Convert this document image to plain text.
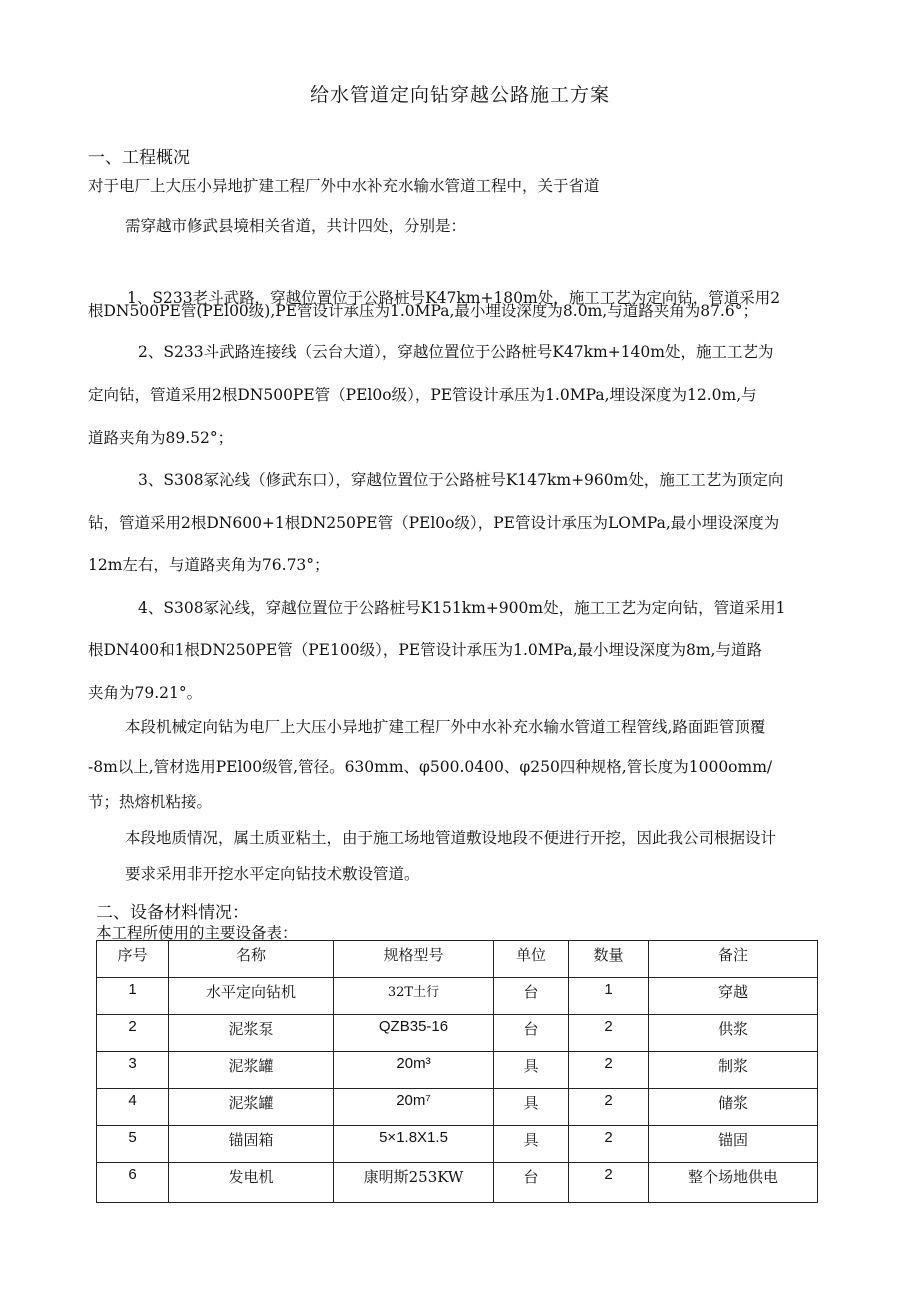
给水管道定向钻穿越公路施工方案
一、工程概况
对于电厂上大压小异地扩建工程厂外中水补充水输水管道工程中，关于省道
需穿越市修武县境相关省道，共计四处，分别是：
1、S233老斗武路，穿越位置位于公路桩号K47km+180m处，施工工艺为定向钻，管道采用2
根DN500PE管(PEl00级),PE管设计承压为1.0MPa,最小埋设深度为8.0m,与道路夹角为87.6°；
2、S233斗武路连接线（云台大道），穿越位置位于公路桩号K47km+140m处，施工工艺为
定向钻，管道采用2根DN500PE管（PEl0o级），PE管设计承压为1.0MPa,埋设深度为12.0m,与
道路夹角为89.52°；
3、S308冢沁线（修武东口），穿越位置位于公路桩号K147km+960m处，施工工艺为顶定向
钻，管道采用2根DN600+1根DN250PE管（PEl0o级），PE管设计承压为LOMPa,最小埋设深度为
12m左右，与道路夹角为76.73°；
4、S308冢沁线，穿越位置位于公路桩号K151km+900m处，施工工艺为定向钻，管道采用1
根DN400和1根DN250PE管（PE100级），PE管设计承压为1.0MPa,最小埋设深度为8m,与道路
夹角为79.21°。
本段机械定向钻为电厂上大压小异地扩建工程厂外中水补充水输水管道工程管线,路面距管顶覆
-8m以上,管材选用PEl00级管,管径。630mm、φ500.0400、φ250四种规格,管长度为1000omm/
节；热熔机粘接。
本段地质情况，属土质亚粘土，由于施工场地管道敷设地段不便进行开挖，因此我公司根据设计
要求采用非开挖水平定向钻技术敷设管道。
二、设备材料情况：
本工程所使用的主要设备表：
序号	名称	规格型号	单位	数量	备注
1	水平定向钻机	32T土行	台	1	穿越
2	泥浆泵	QZB35-16	台	2	供浆
3	泥浆罐	20m³	具	2	制浆
4	泥浆罐	20m⁷	具	2	储浆
5	锚固箱	5×1.8X1.5	具	2	锚固
6	发电机	康明斯253KW	台	2	整个场地供电
